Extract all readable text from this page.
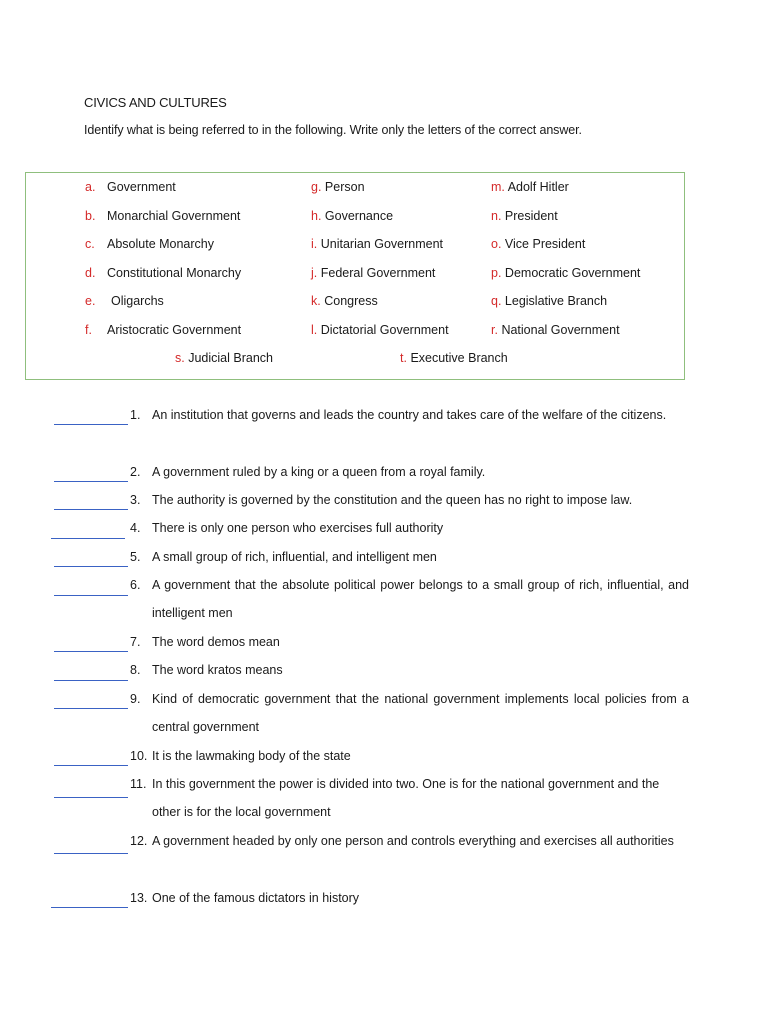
CIVICS AND CULTURES
Identify what is being referred to in the following. Write only the letters of the correct answer.
a. Government
b. Monarchial Government
c. Absolute Monarchy
d. Constitutional Monarchy
e. Oligarchs
f. Aristocratic Government
g. Person
h. Governance
i. Unitarian Government
j. Federal Government
k. Congress
l. Dictatorial Government
m. Adolf Hitler
n. President
o. Vice President
p. Democratic Government
q. Legislative Branch
r. National Government
s. Judicial Branch	t. Executive Branch
1. An institution that governs and leads the country and takes care of the welfare of the citizens.
2. A government ruled by a king or a queen from a royal family.
3. The authority is governed by the constitution and the queen has no right to impose law.
4. There is only one person who exercises full authority
5. A small group of rich, influential, and intelligent men
6. A government that the absolute political power belongs to a small group of rich, influential, and intelligent men
7. The word demos mean
8. The word kratos means
9. Kind of democratic government that the national government implements local policies from a central government
10. It is the lawmaking body of the state
11. In this government the power is divided into two. One is for the national government and the other is for the local government
12. A government headed by only one person and controls everything and exercises all authorities
13. One of the famous dictators in history
